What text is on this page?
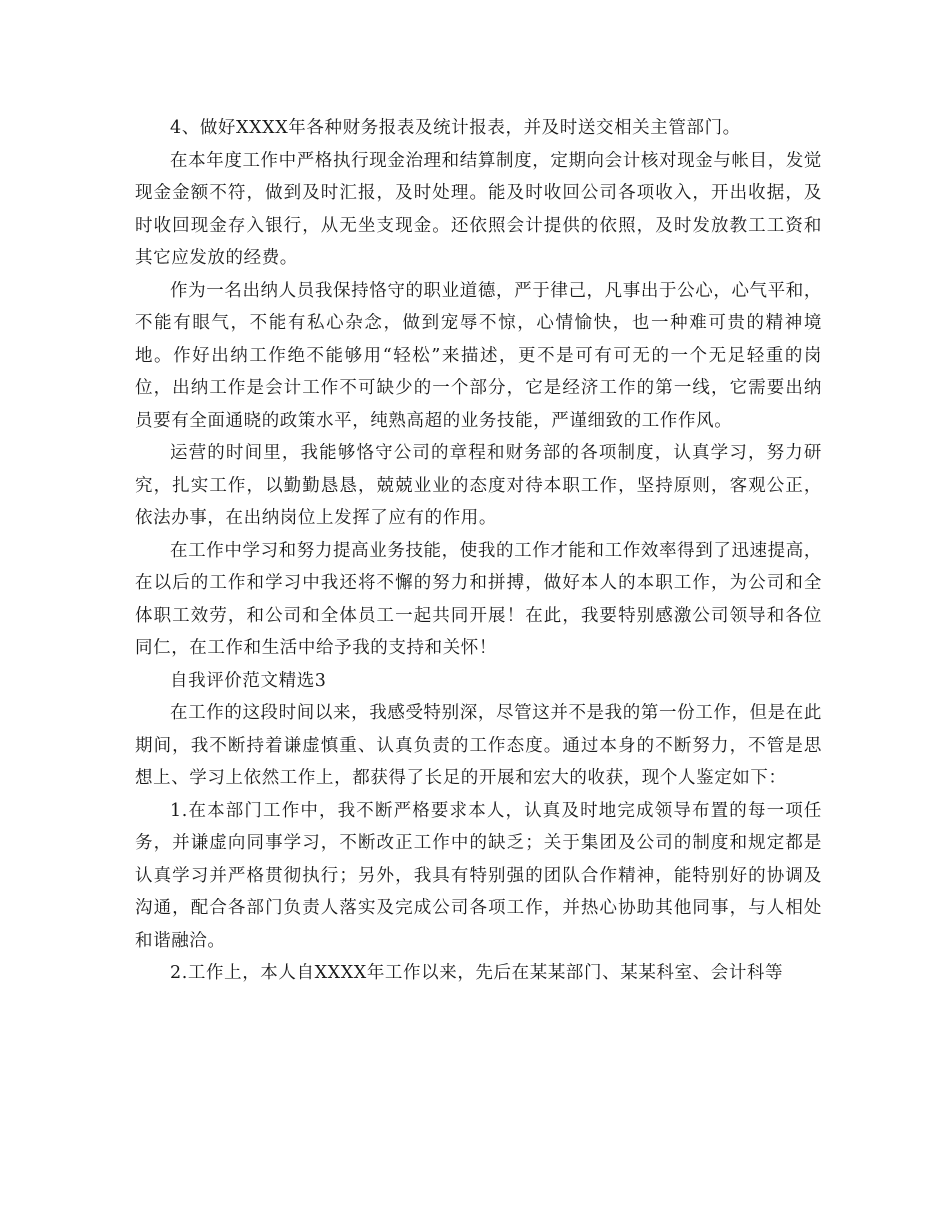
4、做好XXXX年各种财务报表及统计报表，并及时送交相关主管部门。

在本年度工作中严格执行现金治理和结算制度，定期向会计核对现金与帐目，发觉现金金额不符，做到及时汇报，及时处理。能及时收回公司各项收入，开出收据，及时收回现金存入银行，从无坐支现金。还依照会计提供的依照，及时发放教工工资和其它应发放的经费。

作为一名出纳人员我保持恪守的职业道德，严于律己，凡事出于公心，心气平和，不能有眼气，不能有私心杂念，做到宠辱不惊，心情愉快，也一种难可贵的精神境地。作好出纳工作绝不能够用“轻松”来描述，更不是可有可无的一个无足轻重的岗位，出纳工作是会计工作不可缺少的一个部分，它是经济工作的第一线，它需要出纳员要有全面通晓的政策水平，纯熟高超的业务技能，严谨细致的工作作风。

运营的时间里，我能够恪守公司的章程和财务部的各项制度，认真学习，努力研究，扎实工作，以勤勤恳恳，兢兢业业的态度对待本职工作，坚持原则，客观公正，依法办事，在出纳岗位上发挥了应有的作用。

在工作中学习和努力提高业务技能，使我的工作才能和工作效率得到了迅速提高，在以后的工作和学习中我还将不懈的努力和拼搏，做好本人的本职工作，为公司和全体职工效劳，和公司和全体员工一起共同开展！在此，我要特别感激公司领导和各位同仁，在工作和生活中给予我的支持和关怀！

自我评价范文精选3

在工作的这段时间以来，我感受特别深，尽管这并不是我的第一份工作，但是在此期间，我不断持着谦虚慎重、认真负责的工作态度。通过本身的不断努力，不管是思想上、学习上依然工作上，都获得了长足的开展和宏大的收获，现个人鉴定如下：

1.在本部门工作中，我不断严格要求本人，认真及时地完成领导布置的每一项任务，并谦虚向同事学习，不断改正工作中的缺乏；关于集团及公司的制度和规定都是认真学习并严格贯彻执行；另外，我具有特别强的团队合作精神，能特别好的协调及沟通，配合各部门负责人落实及完成公司各项工作，并热心协助其他同事，与人相处和谐融洽。

2.工作上，本人自XXXX年工作以来，先后在某某部门、某某科室、会计科等
